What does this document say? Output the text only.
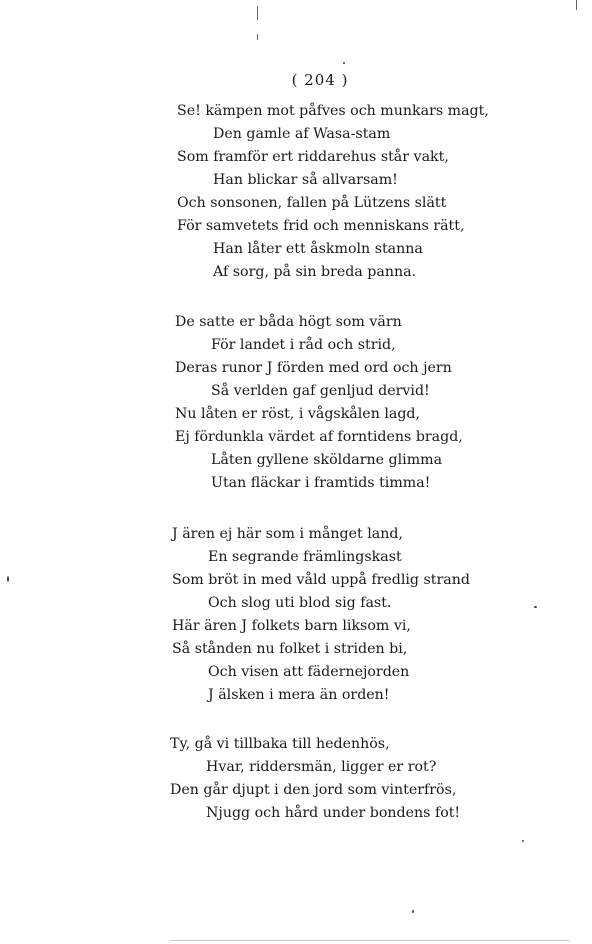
( 204 )
Se! kämpen mot påfves och munkars magt,
Den gamle af Wasa-stam
Som framför ert riddarehus står vakt,
Han blickar så allvarsam!
Och sonsonen, fallen på Lützens slätt
För samvetets frid och menniskans rätt,
Han låter ett åskmoln stanna
Af sorg, på sin breda panna.
De satte er båda högt som värn
För landet i råd och strid,
Deras runor J förden med ord och jern
Så verlden gaf genljud dervid!
Nu låten er röst, i vågskålen lagd,
Ej fördunkla värdet af forntidens bragd,
Låten gyllene sköldarne glimma
Utan fläckar i framtids timma!
J ären ej här som i månget land,
En segrande främlingskast
Som bröt in med våld uppå fredlig strand
Och slog uti blod sig fast.
Här ären J folkets barn liksom vi,
Så stånden nu folket i striden bi,
Och visen att fädernejorden
J älsken i mera än orden!
Ty, gå vi tillbaka till hedenhös,
Hvar, riddersmän, ligger er rot?
Den går djupt i den jord som vinterfrös,
Njugg och hård under bondens fot!
